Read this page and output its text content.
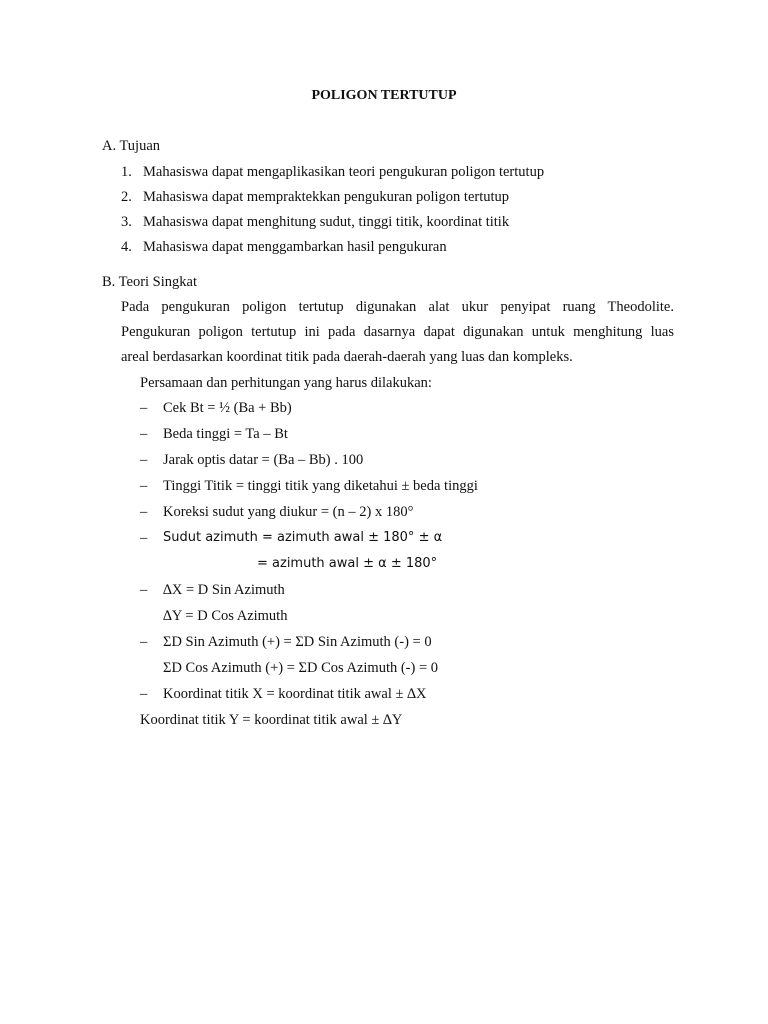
POLIGON TERTUTUP
A. Tujuan
1. Mahasiswa dapat mengaplikasikan teori pengukuran poligon tertutup
2. Mahasiswa dapat mempraktekkan pengukuran poligon tertutup
3. Mahasiswa dapat menghitung sudut, tinggi titik, koordinat titik
4. Mahasiswa dapat menggambarkan hasil pengukuran
B. Teori Singkat
Pada pengukuran poligon tertutup digunakan alat ukur penyipat ruang Theodolite.
Pengukuran poligon tertutup ini pada dasarnya dapat digunakan untuk menghitung luas
areal berdasarkan koordinat titik pada daerah-daerah yang luas dan kompleks.
Persamaan dan perhitungan yang harus dilakukan:
– Cek Bt = ½ (Ba + Bb)
– Beda tinggi = Ta – Bt
– Jarak optis datar = (Ba – Bb) . 100
– Tinggi Titik = tinggi titik yang diketahui ± beda tinggi
– Koreksi sudut yang diukur = (n – 2) x 180°
– Sudut azimuth = azimuth awal ± 180° ± α
= azimuth awal ± α ± 180°
– ∆X = D Sin Azimuth
∆Y = D Cos Azimuth
– ΣD Sin Azimuth (+) = ΣD Sin Azimuth (-) = 0
ΣD Cos Azimuth (+) = ΣD Cos Azimuth (-) = 0
– Koordinat titik X = koordinat titik awal ± ∆X
Koordinat titik Y = koordinat titik awal ± ∆Y
